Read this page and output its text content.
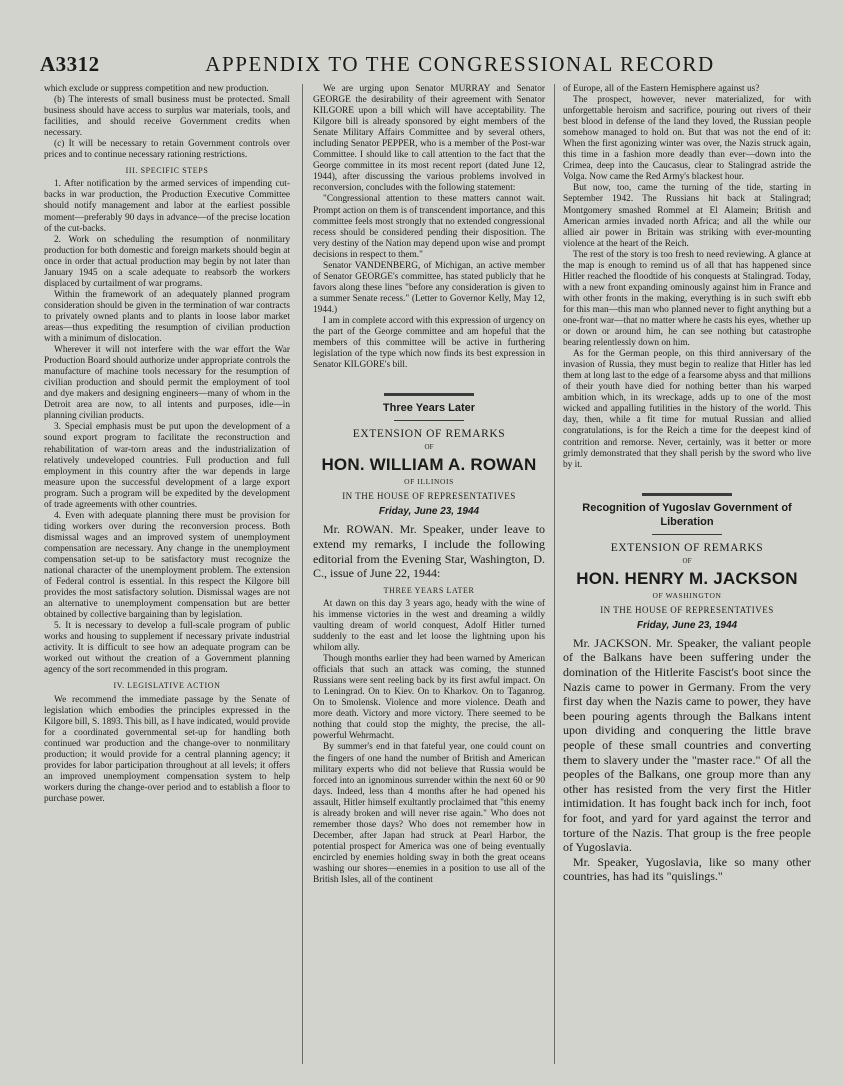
A3312	APPENDIX TO THE CONGRESSIONAL RECORD

which exclude or suppress competition and new production.

(b) The interests of small business must be protected. Small business should have access to surplus war materials, tools, and facilities, and should receive Government credits when necessary.

(c) It will be necessary to retain Government controls over prices and to continue necessary rationing restrictions.

III. SPECIFIC STEPS

1. After notification by the armed services of impending cut-backs in war production, the Production Executive Committee should notify management and labor at the earliest possible moment—preferably 90 days in advance—of the precise location of the cut-backs.

2. Work on scheduling the resumption of nonmilitary production for both domestic and foreign markets should begin at once in order that actual production may begin by not later than January 1945 on a scale adequate to reabsorb the workers displaced by curtailment of war programs.

Within the framework of an adequately planned program consideration should be given in the termination of war contracts to privately owned plants and to plants in loose labor market areas—thus expediting the resumption of civilian production with a minimum of dislocation.

Wherever it will not interfere with the war effort the War Production Board should authorize under appropriate controls the manufacture of machine tools necessary for the resumption of civilian production and should permit the employment of tool and dye makers and designing engineers—many of whom in the Detroit area are now, to all intents and purposes, idle—in planning civilian products.

3. Special emphasis must be put upon the development of a sound export program to facilitate the reconstruction and rehabilitation of war-torn areas and the industrialization of relatively undeveloped countries. Full production and full employment in this country after the war depends in large measure upon the successful development of a large export program. Such a program will be expedited by the development of trade agreements with other countries.

4. Even with adequate planning there must be provision for tiding workers over during the reconversion process. Both dismissal wages and an improved system of unemployment compensation are necessary. Any change in the unemployment compensation set-up to be satisfactory must recognize the national character of the unemployment problem. The extension of Federal control is essential. In this respect the Kilgore bill provides the most satisfactory solution. Dismissal wages are not an alternative to unemployment compensation but are better obtained by collective bargaining than by legislation.

5. It is necessary to develop a full-scale program of public works and housing to supplement if necessary private industrial activity. It is difficult to see how an adequate program can be worked out without the creation of a Government planning agency of the sort recommended in this program.

IV. LEGISLATIVE ACTION

We recommend the immediate passage by the Senate of legislation which embodies the principles expressed in the Kilgore bill, S. 1893. This bill, as I have indicated, would provide for a coordinated governmental set-up for handling both continued war production and the change-over to nonmilitary production; it would provide for a central planning agency; it provides for labor participation throughout at all levels; it offers an improved unemployment compensation system to help workers during the change-over period and to establish a floor to purchase power.

We are urging upon Senator MURRAY and Senator GEORGE the desirability of their agreement with Senator KILGORE upon a bill which will have acceptability. The Kilgore bill is already sponsored by eight members of the Senate Military Affairs Committee and by several others, including Senator PEPPER, who is a member of the Post-war Committee. I should like to call attention to the fact that the George committee in its most recent report (dated June 12, 1944), after discussing the various problems involved in reconversion, concludes with the following statement:

"Congressional attention to these matters cannot wait. Prompt action on them is of transcendent importance, and this committee feels most strongly that no extended congressional recess should be considered pending their disposition. The very destiny of the Nation may depend upon wise and prompt decisions in respect to them."

Senator VANDENBERG, of Michigan, an active member of Senator GEORGE's committee, has stated publicly that he favors along these lines "before any consideration is given to a summer Senate recess." (Letter to Governor Kelly, May 12, 1944.)

I am in complete accord with this expression of urgency on the part of the George committee and am hopeful that the members of this committee will be active in furthering legislation of the type which now finds its best expression in Senator KILGORE's bill.

Three Years Later
EXTENSION OF REMARKS
OF
HON. WILLIAM A. ROWAN
OF ILLINOIS
IN THE HOUSE OF REPRESENTATIVES
Friday, June 23, 1944

Mr. ROWAN. Mr. Speaker, under leave to extend my remarks, I include the following editorial from the Evening Star, Washington, D. C., issue of June 22, 1944:

THREE YEARS LATER

At dawn on this day 3 years ago, heady with the wine of his immense victories in the west and dreaming a wildly vaulting dream of world conquest, Adolf Hitler turned suddenly to the east and let loose the lightning upon his whilom ally.

Though months earlier they had been warned by American officials that such an attack was coming, the stunned Russians were sent reeling back by its first awful impact. On to Leningrad. On to Kiev. On to Kharkov. On to Taganrog. On to Smolensk. Violence and more violence. Death and more death. Victory and more victory. There seemed to be nothing that could stop the mighty, the precise, the all-powerful Wehrmacht.

By summer's end in that fateful year, one could count on the fingers of one hand the number of British and American military experts who did not believe that Russia would be forced into an ignominous surrender within the next 60 or 90 days. Indeed, less than 4 months after he had opened his assault, Hitler himself exultantly proclaimed that "this enemy is already broken and will never rise again." Who does not remember those days? Who does not remember how in December, after Japan had struck at Pearl Harbor, the potential prospect for America was one of being eventually encircled by enemies holding sway in both the great oceans washing our shores—enemies in a position to use all of the British Isles, all of the continent

of Europe, all of the Eastern Hemisphere against us?

The prospect, however, never materialized, for with unforgettable heroism and sacrifice, pouring out rivers of their best blood in defense of the land they loved, the Russian people somehow managed to hold on. But that was not the end of it: When the first agonizing winter was over, the Nazis struck again, this time in a fashion more deadly than ever—down into the Crimea, deep into the Caucasus, clear to Stalingrad astride the Volga. Now came the Red Army's blackest hour.

But now, too, came the turning of the tide, starting in September 1942. The Russians hit back at Stalingrad; Montgomery smashed Rommel at El Alamein; British and American armies invaded north Africa; and all the while our allied air power in Britain was striking with ever-mounting violence at the heart of the Reich.

The rest of the story is too fresh to need reviewing. A glance at the map is enough to remind us of all that has happened since Hitler reached the floodtide of his conquests at Stalingrad. Today, with a new front expanding ominously against him in France and with other fronts in the making, everything is in such swift ebb for this man—this man who planned never to fight anything but a one-front war—that no matter where he casts his eyes, whether up or down or around him, he can see nothing but catastrophe bearing relentlessly down on him.

As for the German people, on this third anniversary of the invasion of Russia, they must begin to realize that Hitler has led them at long last to the edge of a fearsome abyss and that millions of their youth have died for nothing better than his warped ambition which, in its wreckage, adds up to one of the most wicked and appalling futilities in the history of the world. This day, then, while a fit time for mutual Russian and allied congratulations, is for the Reich a time for the deepest kind of contrition and remorse. Never, certainly, was it better or more grimly demonstrated that they shall perish by the sword who live by it.

Recognition of Yugoslav Government of Liberation
EXTENSION OF REMARKS
OF
HON. HENRY M. JACKSON
OF WASHINGTON
IN THE HOUSE OF REPRESENTATIVES
Friday, June 23, 1944

Mr. JACKSON. Mr. Speaker, the valiant people of the Balkans have been suffering under the domination of the Hitlerite Fascist's boot since the Nazis came to power in Germany. From the very first day when the Nazis came to power, they have been pouring agents through the Balkans intent upon dividing and conquering the little brave people of these small countries and converting them to slavery under the "master race." Of all the peoples of the Balkans, one group more than any other has resisted from the very first the Hitler intimidation. It has fought back inch for inch, foot for foot, and yard for yard against the terror and torture of the Nazis. That group is the free people of Yugoslavia.

Mr. Speaker, Yugoslavia, like so many other countries, has had its "quislings."
